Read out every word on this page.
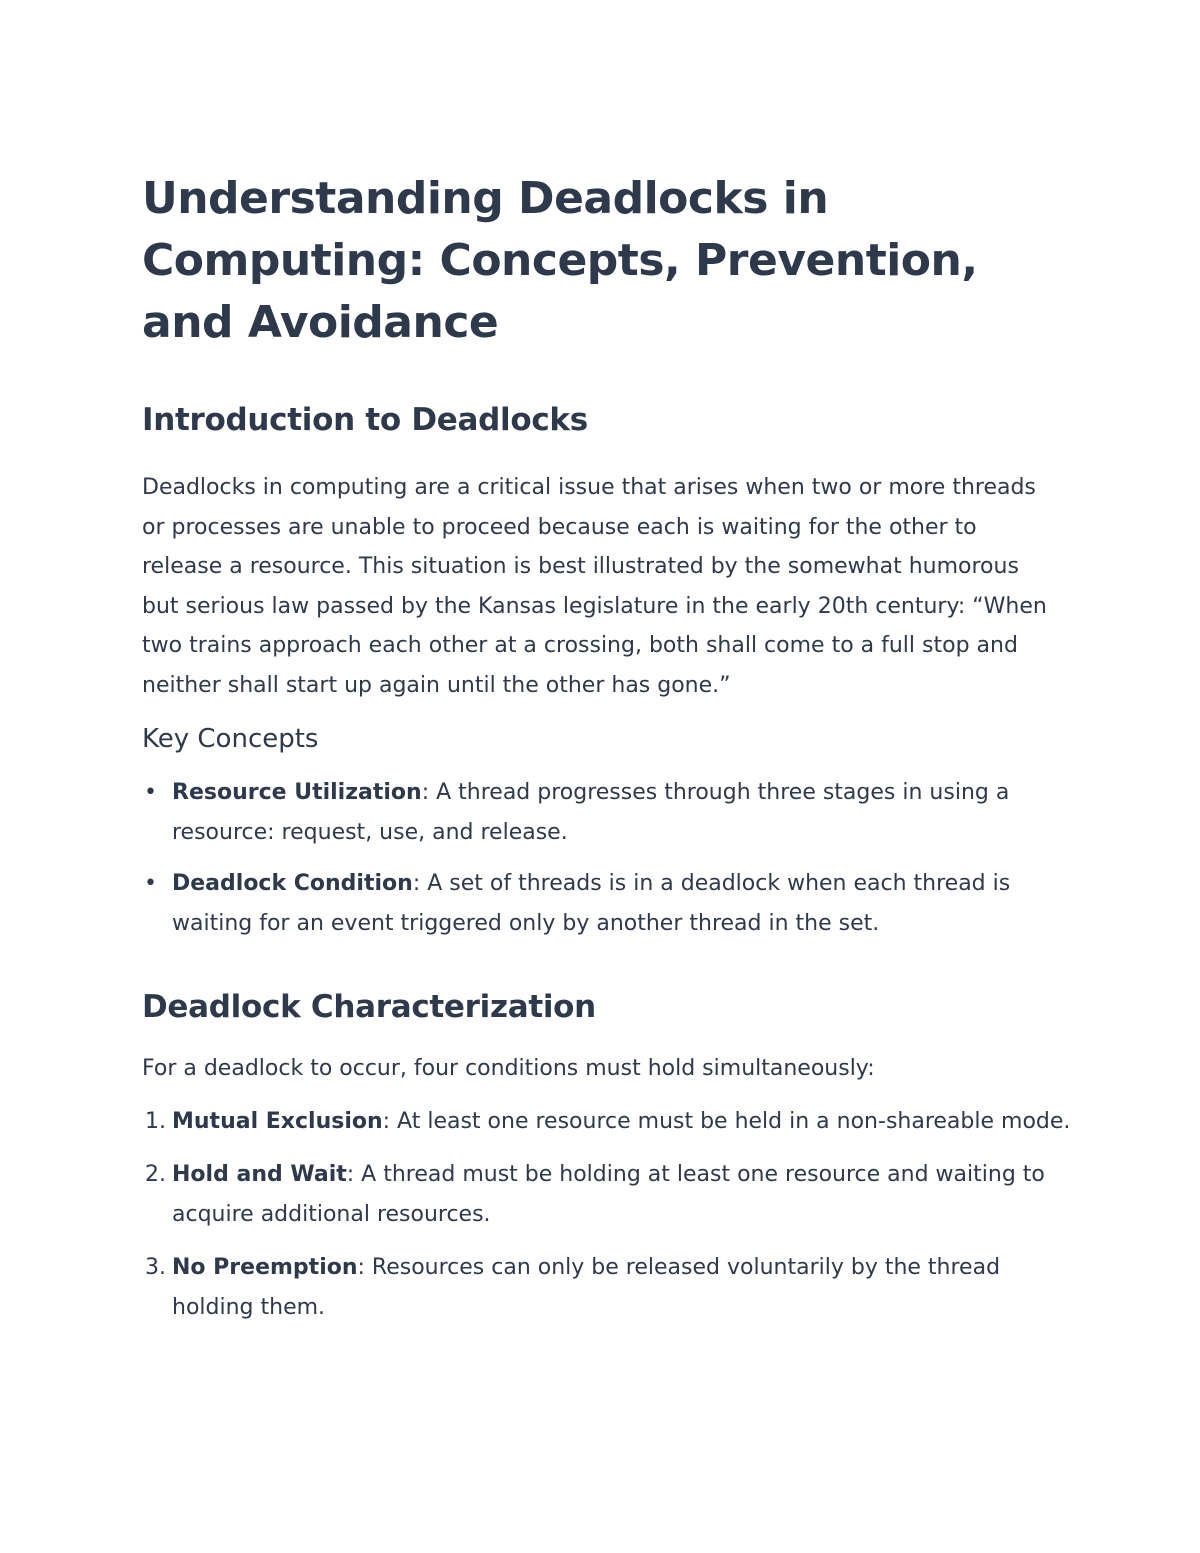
Understanding Deadlocks in Computing: Concepts, Prevention, and Avoidance
Introduction to Deadlocks

Deadlocks in computing are a critical issue that arises when two or more threads or processes are unable to proceed because each is waiting for the other to release a resource. This situation is best illustrated by the somewhat humorous but serious law passed by the Kansas legislature in the early 20th century: “When two trains approach each other at a crossing, both shall come to a full stop and neither shall start up again until the other has gone.”

Key Concepts
• Resource Utilization: A thread progresses through three stages in using a resource: request, use, and release.
• Deadlock Condition: A set of threads is in a deadlock when each thread is waiting for an event triggered only by another thread in the set.
Deadlock Characterization

For a deadlock to occur, four conditions must hold simultaneously:

1. Mutual Exclusion: At least one resource must be held in a non-shareable mode.
2. Hold and Wait: A thread must be holding at least one resource and waiting to acquire additional resources.
3. No Preemption: Resources can only be released voluntarily by the thread holding them.
